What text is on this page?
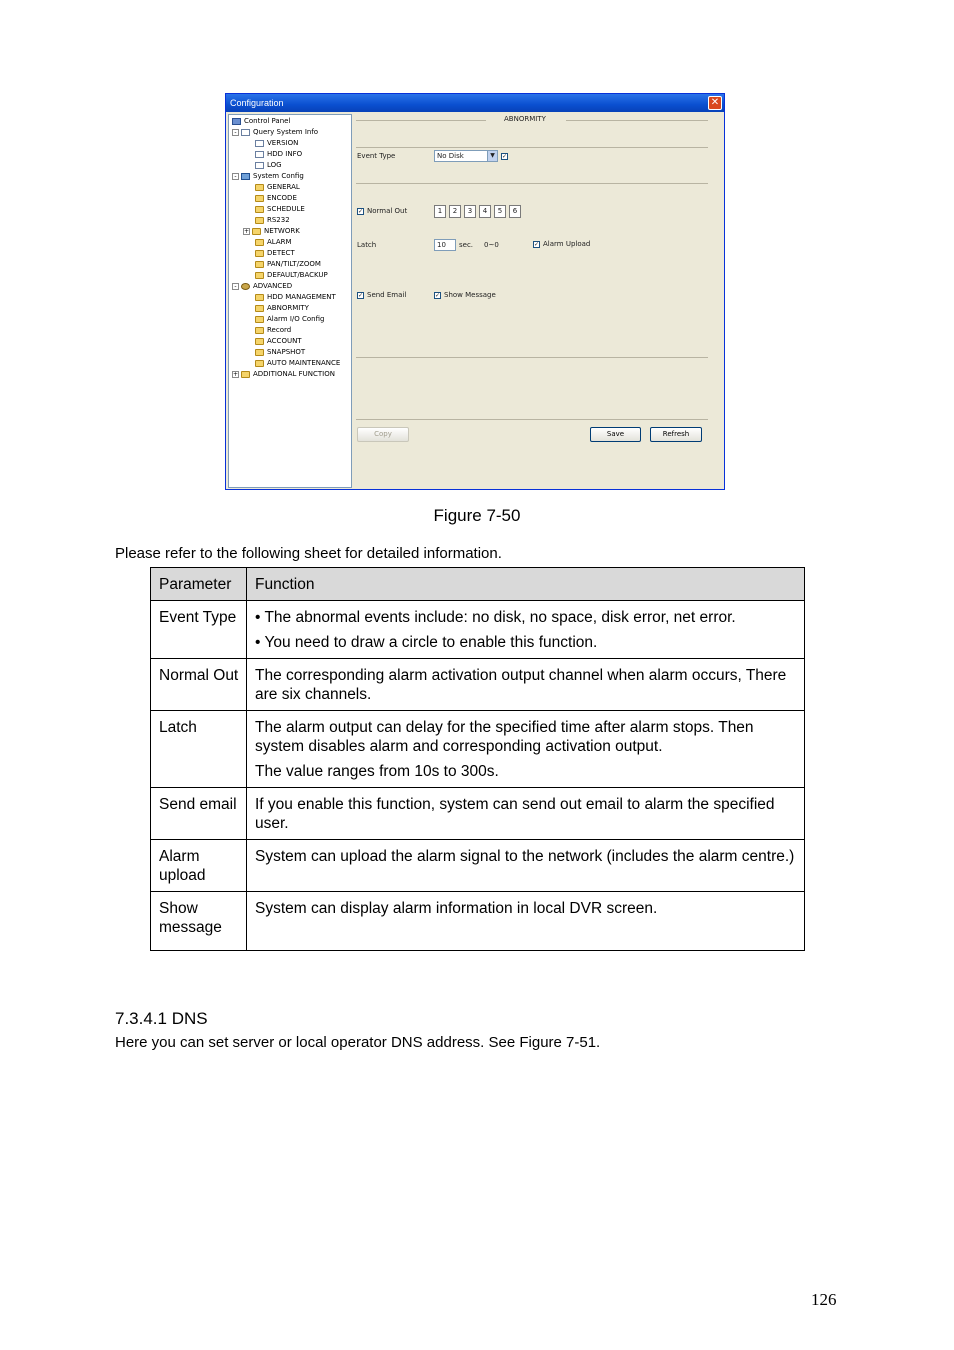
Configuration	✕
Control Panel
-	Query System Info
VERSION
HDD INFO
LOG
-	System Config
GENERAL
ENCODE
SCHEDULE
RS232
+ NETWORK
ALARM
DETECT
PAN/TILT/ZOOM
DEFAULT/BACKUP
-	ADVANCED
HDD MANAGEMENT
ABNORMITY
Alarm I/O Config
Record
ACCOUNT
SNAPSHOT
AUTO MAINTENANCE
+ ADDITIONAL FUNCTION
ABNORMITY
Event Type	No Disk	▼	✓
✓ Normal Out	1	2	3	4	5	6
Latch	10	sec. 0~0	✓ Alarm Upload
✓ Send Email	✓ Show Message
Copy	Save	Refresh
Figure 7-50
Please refer to the following sheet for detailed information.
Parameter	Function
Event Type	• The abnormal events include: no disk, no space, disk error, net error.
• You need to draw a circle to enable this function.

Normal Out	The corresponding alarm activation output channel when alarm occurs, There are six channels.

Latch	The alarm output can delay for the specified time after alarm stops. Then system disables alarm and corresponding activation output.
The value ranges from 10s to 300s.

Send email	If you enable this function, system can send out email to alarm the specified user.

Alarm upload	System can upload the alarm signal to the network (includes the alarm centre.)

Show message	System can display alarm information in local DVR screen.
7.3.4.1 DNS
Here you can set server or local operator DNS address. See Figure 7-51.
126
